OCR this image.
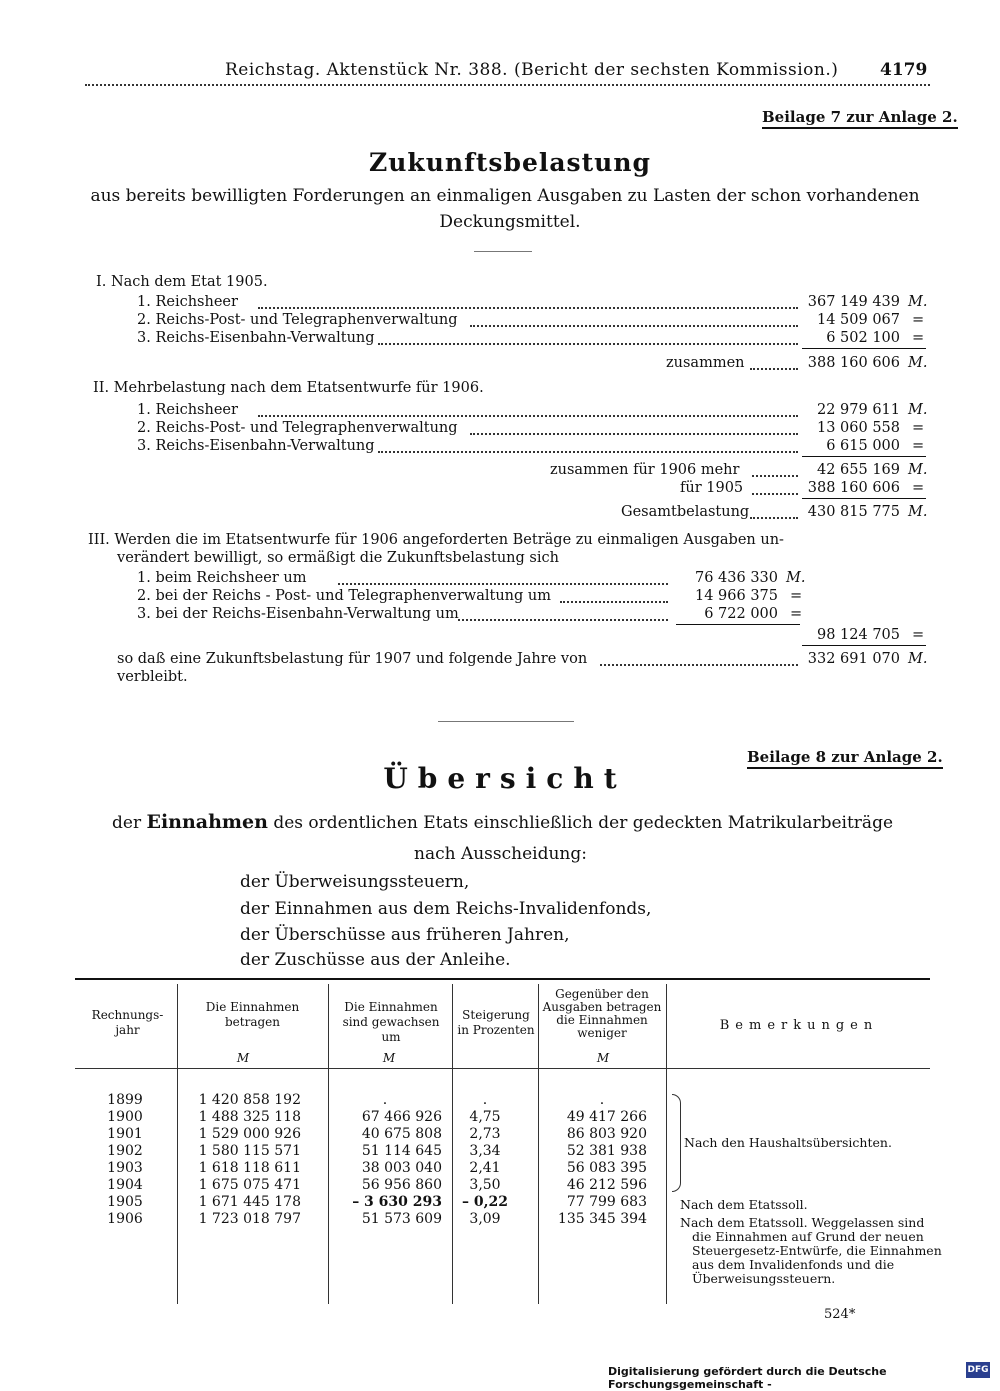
Reichstag. Aktenstück Nr. 388. (Bericht der sechsten Kommission.) 4179
Beilage 7 zur Anlage 2.
Zukunftsbelastung
aus bereits bewilligten Forderungen an einmaligen Ausgaben zu Lasten der schon vorhandenen
Deckungsmittel.
I. Nach dem Etat 1905.
1. Reichsheer	367 149 439 M.
2. Reichs-Post- und Telegraphenverwaltung	14 509 067 =
3. Reichs-Eisenbahn-Verwaltung	6 502 100 =
zusammen	388 160 606 M.
II. Mehrbelastung nach dem Etatsentwurfe für 1906.
1. Reichsheer	22 979 611 M.
2. Reichs-Post- und Telegraphenverwaltung	13 060 558 =
3. Reichs-Eisenbahn-Verwaltung	6 615 000 =
zusammen für 1906 mehr	42 655 169 M.
für 1905	388 160 606 =
Gesamtbelastung	430 815 775 M.
III. Werden die im Etatsentwurfe für 1906 angeforderten Beträge zu einmaligen Ausgaben un-
verändert bewilligt, so ermäßigt die Zukunftsbelastung sich
1. beim Reichsheer um	76 436 330 M.
2. bei der Reichs - Post- und Telegraphenverwaltung um	14 966 375 =
3. bei der Reichs-Eisenbahn-Verwaltung um	6 722 000 =
98 124 705 =
so daß eine Zukunftsbelastung für 1907 und folgende Jahre von	332 691 070 M.
verbleibt.
Beilage 8 zur Anlage 2.
Übersicht
der Einnahmen des ordentlichen Etats einschließlich der gedeckten Matrikularbeiträge
nach Ausscheidung:
der Überweisungssteuern,
der Einnahmen aus dem Reichs-Invalidenfonds,
der Überschüsse aus früheren Jahren,
der Zuschüsse aus der Anleihe.
Rechnungs- jahr
Die Einnahmen betragen
Die Einnahmen sind gewachsen um
Steigerung in Prozenten
Gegenüber den Ausgaben betragen die Einnahmen weniger	Bemerkungen
M	M	M
1899	1 420 858 192	.	.	.
1900	1 488 325 118	67 466 926	4,75	49 417 266
1901	1 529 000 926	40 675 808	2,73	86 803 920
1902	1 580 115 571	51 114 645	3,34	52 381 938
1903	1 618 118 611	38 003 040	2,41	56 083 395
1904	1 675 075 471	56 956 860	3,50	46 212 596
1905	1 671 445 178	– 3 630 293	– 0,22	77 799 683
1906	1 723 018 797	51 573 609	3,09	135 345 394
Nach den Haushaltsübersichten.
Nach dem Etatssoll.
Nach dem Etatssoll. Weggelassen sind
die Einnahmen auf Grund der neuen
Steuergesetz-Entwürfe, die Einnahmen
aus dem Invalidenfonds und die
Überweisungssteuern.
524*
Digitalisierung gefördert durch die Deutsche Forschungsgemeinschaft -
DFG
